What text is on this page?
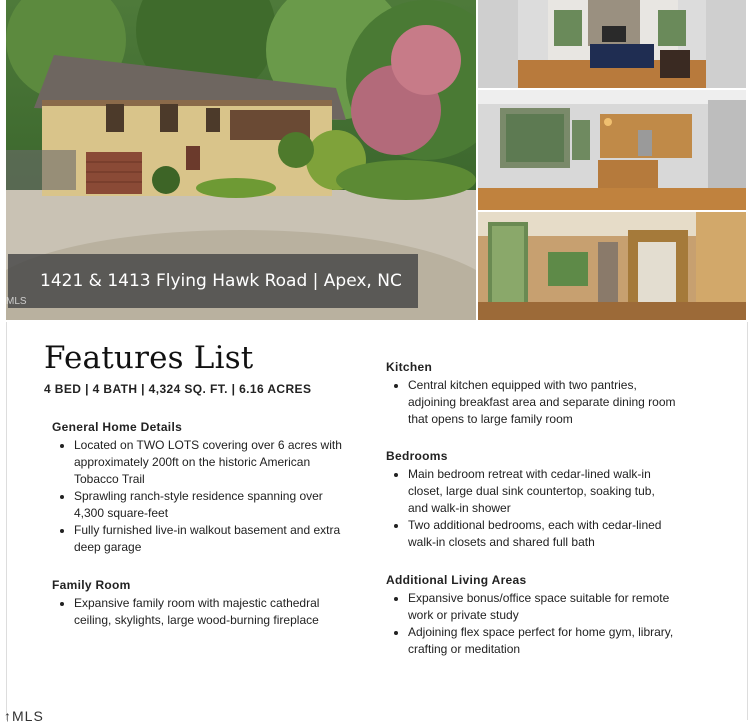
1421 & 1413 Flying Hawk Road | Apex, NC
MLS
Features List
4 BED | 4 BATH | 4,324 SQ. FT. | 6.16 ACRES
General Home Details
• Located on TWO LOTS covering over 6 acres with approximately 200ft on the historic American Tobacco Trail
• Sprawling ranch-style residence spanning over 4,300 square-feet
• Fully furnished live-in walkout basement and extra deep garage
Family Room
• Expansive family room with majestic cathedral ceiling, skylights, large wood-burning fireplace
Kitchen
• Central kitchen equipped with two pantries, adjoining breakfast area and separate dining room that opens to large family room
Bedrooms
• Main bedroom retreat with cedar-lined walk-in closet, large dual sink countertop, soaking tub, and walk-in shower
• Two additional bedrooms, each with cedar-lined walk-in closets and shared full bath
Additional Living Areas
• Expansive bonus/office space suitable for remote work or private study
• Adjoining flex space perfect for home gym, library, crafting or meditation
↑MLS
